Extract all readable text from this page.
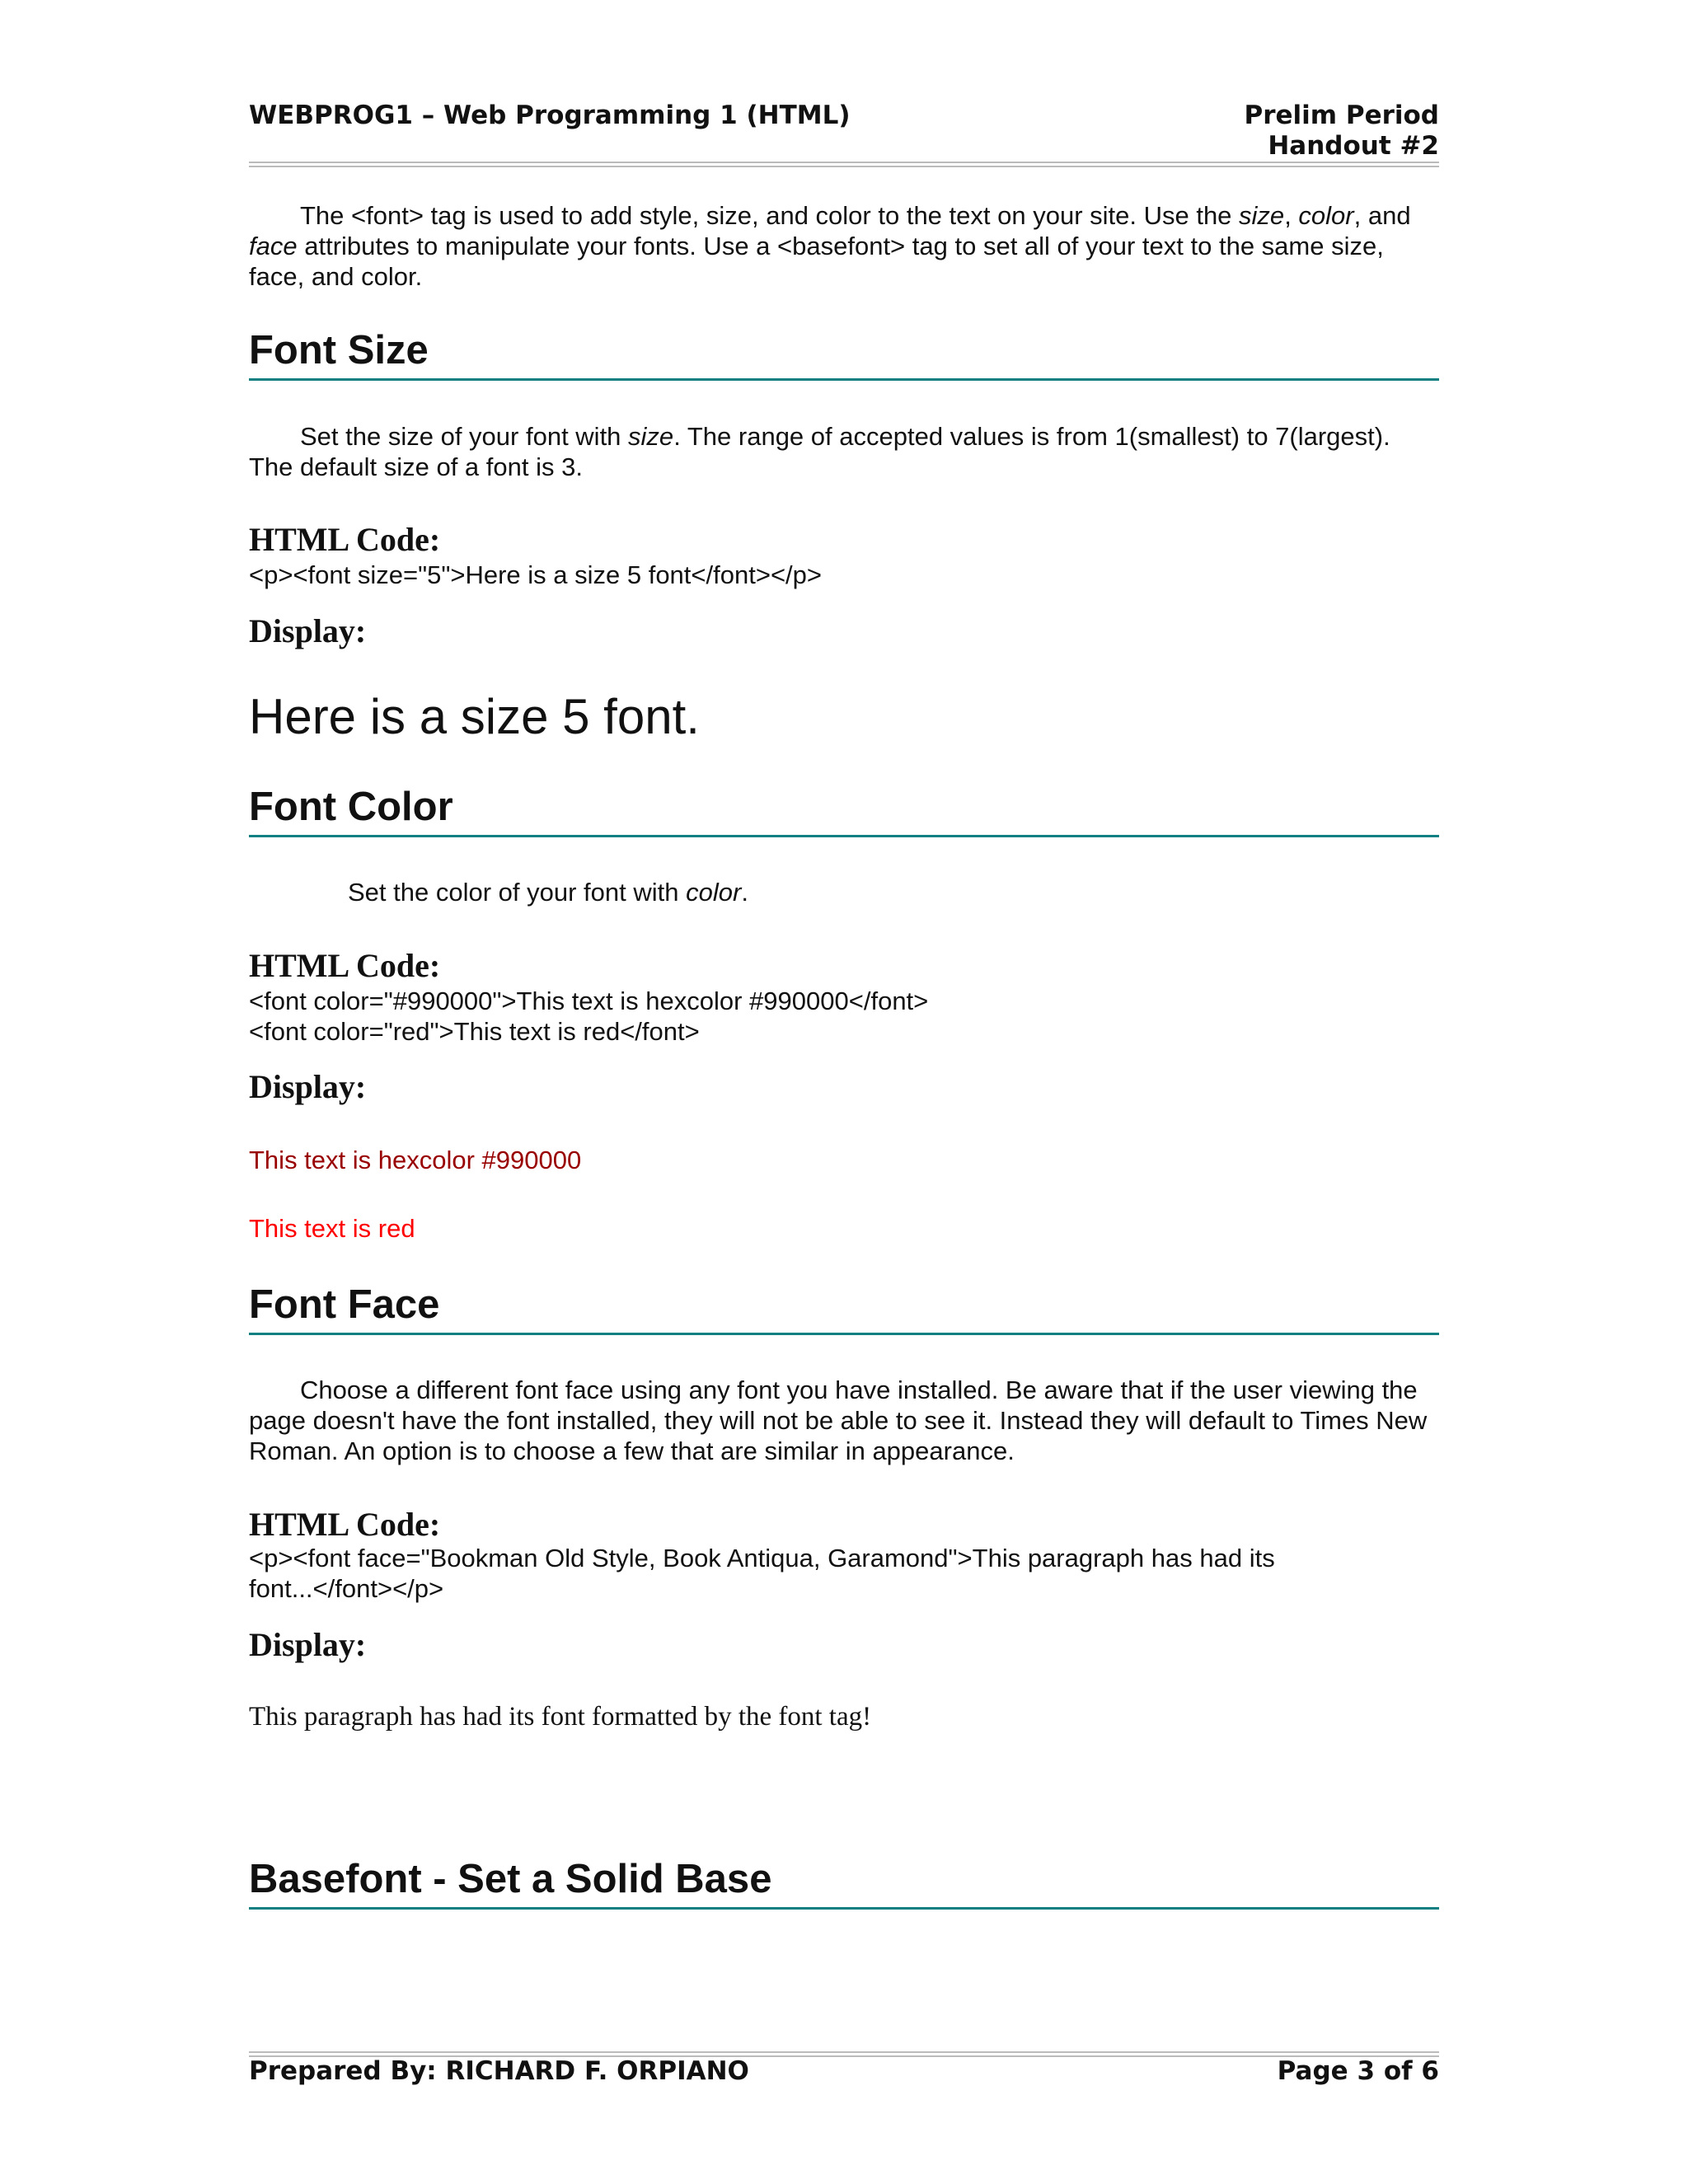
WEBPROG1 – Web Programming 1 (HTML)	Prelim Period
Handout #2
The <font> tag is used to add style, size, and color to the text on your site. Use the size, color, and face attributes to manipulate your fonts. Use a <basefont> tag to set all of your text to the same size, face, and color.
Font Size
Set the size of your font with size. The range of accepted values is from 1(smallest) to 7(largest). The default size of a font is 3.
HTML Code:
<p><font size="5">Here is a size 5 font</font></p>
Display:
Here is a size 5 font.
Font Color
Set the color of your font with color.
HTML Code:
<font color="#990000">This text is hexcolor #990000</font>
<font color="red">This text is red</font>
Display:
This text is hexcolor #990000
This text is red
Font Face
Choose a different font face using any font you have installed. Be aware that if the user viewing the page doesn't have the font installed, they will not be able to see it. Instead they will default to Times New Roman. An option is to choose a few that are similar in appearance.
HTML Code:
<p><font face="Bookman Old Style, Book Antiqua, Garamond">This paragraph has had its font...</font></p>
Display:
This paragraph has had its font formatted by the font tag!
Basefont - Set a Solid Base
Prepared By: RICHARD F. ORPIANO	Page 3 of 6
